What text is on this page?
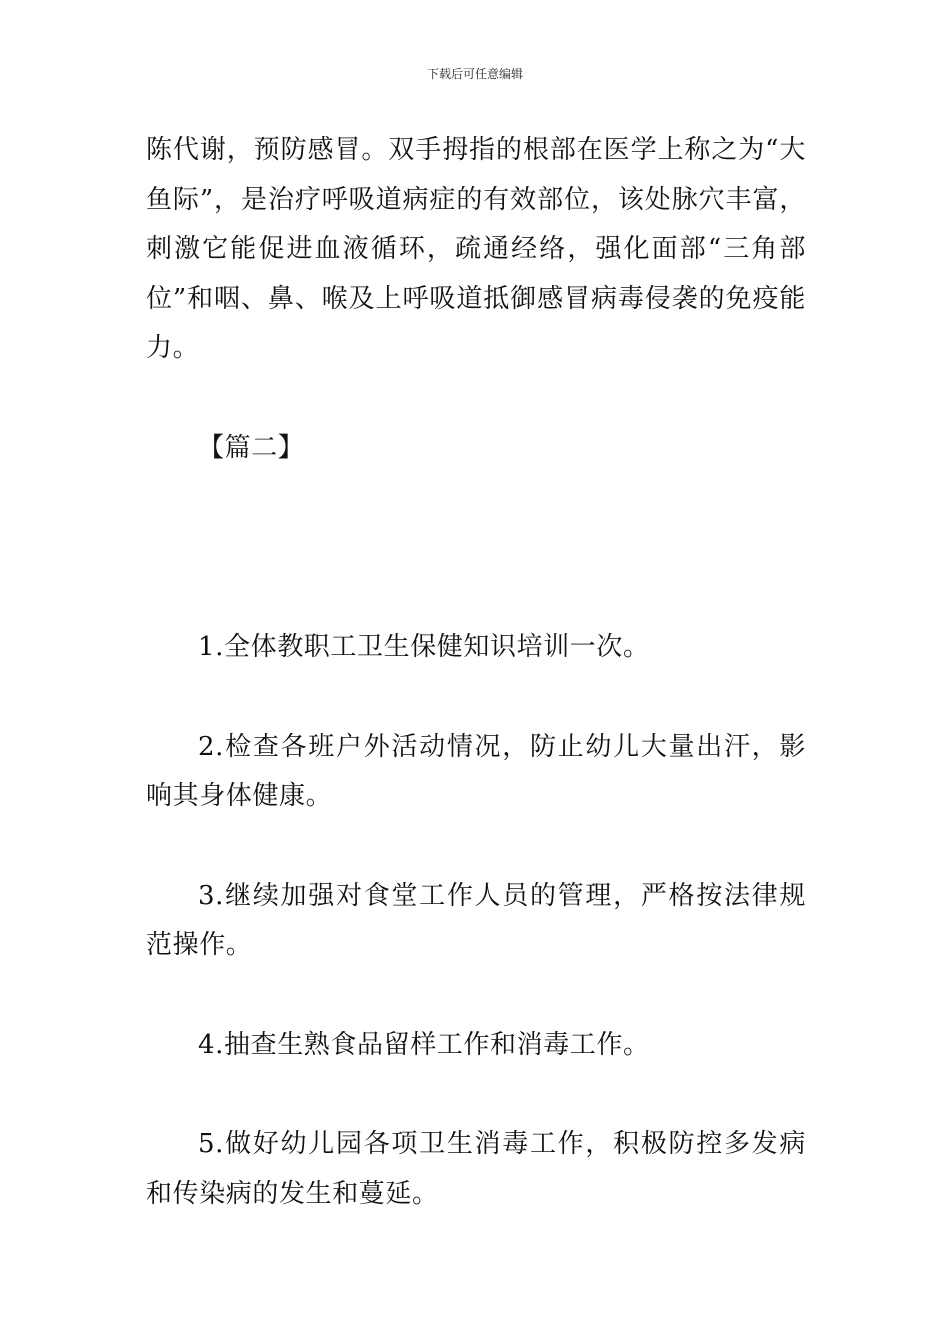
下载后可任意编辑

陈代谢，预防感冒。双手拇指的根部在医学上称之为“大鱼际”，是治疗呼吸道病症的有效部位，该处脉穴丰富，刺激它能促进血液循环，疏通经络，强化面部“三角部位”和咽、鼻、喉及上呼吸道抵御感冒病毒侵袭的免疫能力。

【篇二】

1.全体教职工卫生保健知识培训一次。

2.检查各班户外活动情况，防止幼儿大量出汗，影响其身体健康。

3.继续加强对食堂工作人员的管理，严格按法律规范操作。

4.抽查生熟食品留样工作和消毒工作。

5.做好幼儿园各项卫生消毒工作，积极防控多发病和传染病的发生和蔓延。
